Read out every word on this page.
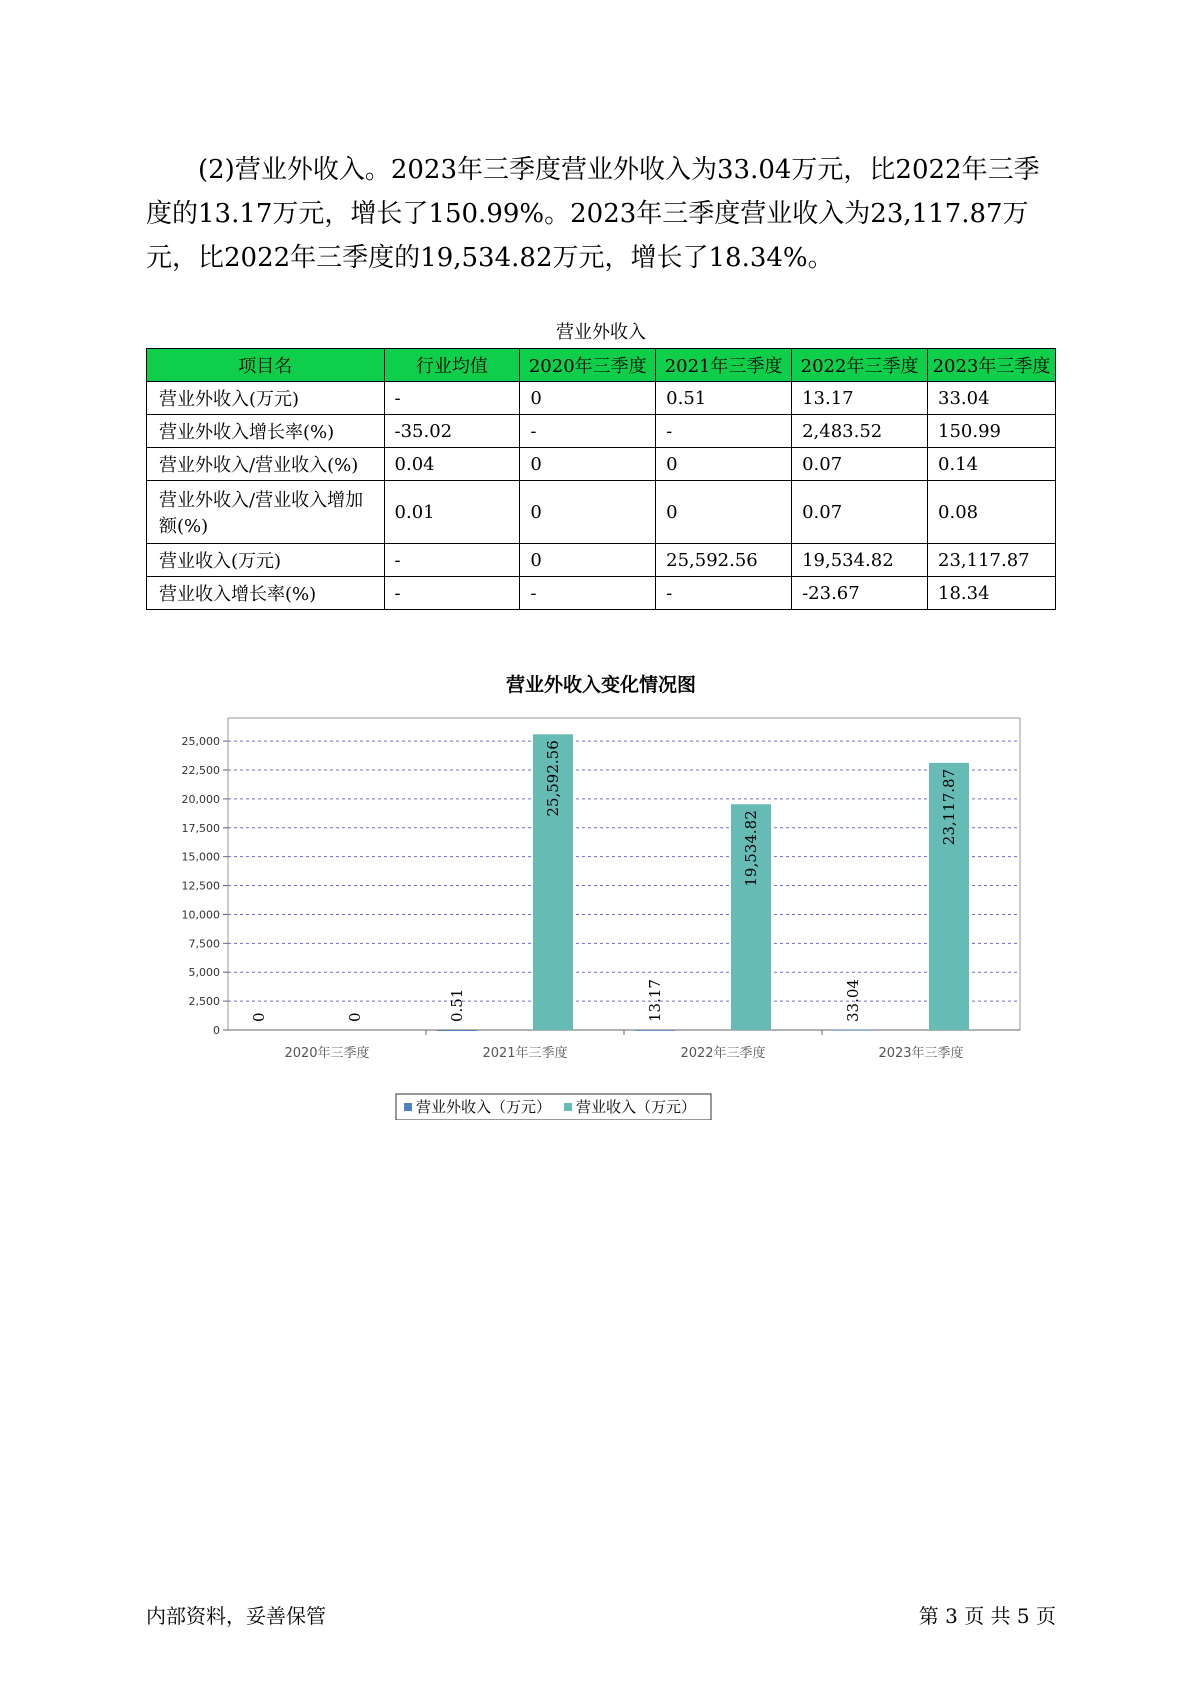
(2)营业外收入。2023年三季度营业外收入为33.04万元，比2022年三季度的13.17万元，增长了150.99%。2023年三季度营业收入为23,117.87万元，比2022年三季度的19,534.82万元，增长了18.34%。

营业外收入
项目名	行业均值	2020年三季度	2021年三季度	2022年三季度	2023年三季度
营业外收入(万元)	-	0	0.51	13.17	33.04
营业外收入增长率(%)	-35.02	-	-	2,483.52	150.99
营业外收入/营业收入(%)	0.04	0	0	0.07	0.14
营业外收入/营业收入增加额(%)	0.01	0	0	0.07	0.08
营业收入(万元)	-	0	25,592.56	19,534.82	23,117.87
营业收入增长率(%)	-	-	-	-23.67	18.34
营业外收入变化情况图
0
2,500
5,000
7,500
10,000
12,500
15,000
17,500
20,000
22,500
25,000
2020年三季度
0	0
2021年三季度
0.51
25,592.56
2022年三季度
13.17
19,534.82
2023年三季度
33.04
23,117.87
营业外收入（万元） 营业收入（万元）
内部资料，妥善保管	第 3 页 共 5 页
